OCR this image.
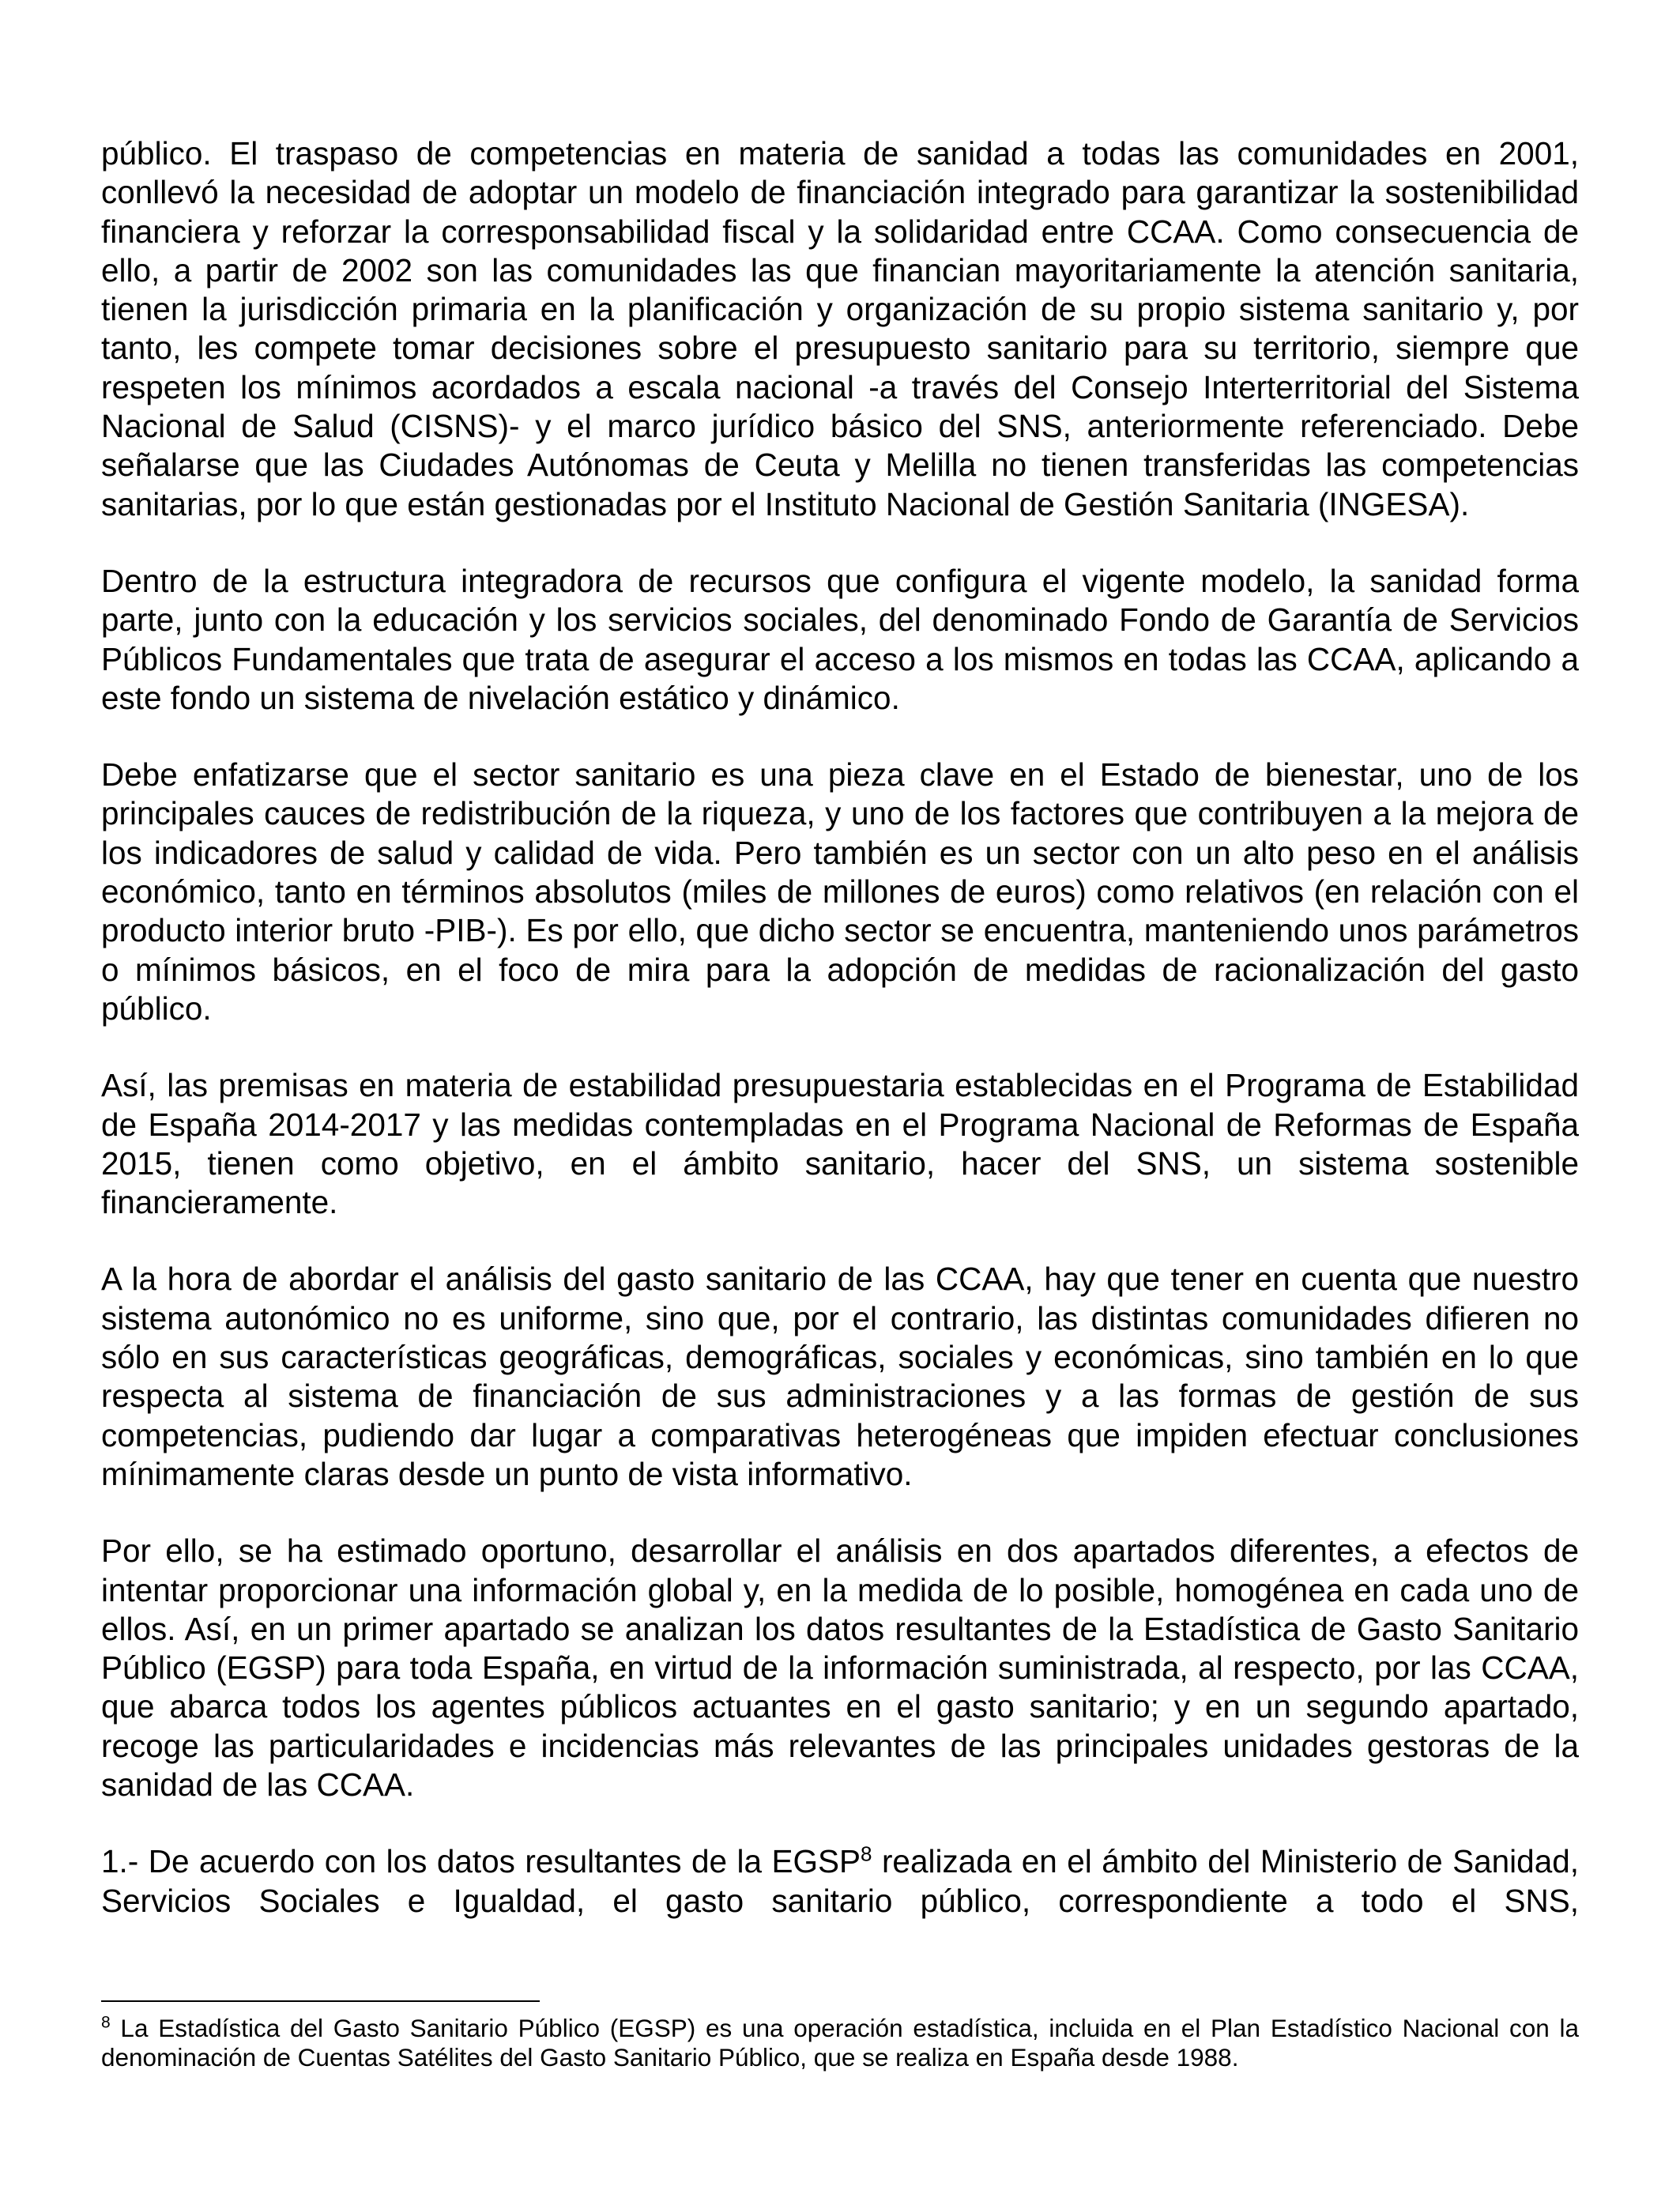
público. El traspaso de competencias en materia de sanidad a todas las comunidades en 2001, conllevó la necesidad de adoptar un modelo de financiación integrado para garantizar la sostenibilidad financiera y reforzar la corresponsabilidad fiscal y la solidaridad entre CCAA. Como consecuencia de ello, a partir de 2002 son las comunidades las que financian mayoritariamente la atención sanitaria, tienen la jurisdicción primaria en la planificación y organización de su propio sistema sanitario y, por tanto, les compete tomar decisiones sobre el presupuesto sanitario para su territorio, siempre que respeten los mínimos acordados a escala nacional -a través del Consejo Interterritorial del Sistema Nacional de Salud (CISNS)- y el marco jurídico básico del SNS, anteriormente referenciado. Debe señalarse que las Ciudades Autónomas de Ceuta y Melilla no tienen transferidas las competencias sanitarias, por lo que están gestionadas por el Instituto Nacional de Gestión Sanitaria (INGESA).

Dentro de la estructura integradora de recursos que configura el vigente modelo, la sanidad forma parte, junto con la educación y los servicios sociales, del denominado Fondo de Garantía de Servicios Públicos Fundamentales que trata de asegurar el acceso a los mismos en todas las CCAA, aplicando a este fondo un sistema de nivelación estático y dinámico.

Debe enfatizarse que el sector sanitario es una pieza clave en el Estado de bienestar, uno de los principales cauces de redistribución de la riqueza, y uno de los factores que contribuyen a la mejora de los indicadores de salud y calidad de vida. Pero también es un sector con un alto peso en el análisis económico, tanto en términos absolutos (miles de millones de euros) como relativos (en relación con el producto interior bruto -PIB-). Es por ello, que dicho sector se encuentra, manteniendo unos parámetros o mínimos básicos, en el foco de mira para la adopción de medidas de racionalización del gasto público.

Así, las premisas en materia de estabilidad presupuestaria establecidas en el Programa de Estabilidad de España 2014-2017 y las medidas contempladas en el Programa Nacional de Reformas de España 2015, tienen como objetivo, en el ámbito sanitario, hacer del SNS, un sistema sostenible financieramente.

A la hora de abordar el análisis del gasto sanitario de las CCAA, hay que tener en cuenta que nuestro sistema autonómico no es uniforme, sino que, por el contrario, las distintas comunidades difieren no sólo en sus características geográficas, demográficas, sociales y económicas, sino también en lo que respecta al sistema de financiación de sus administraciones y a las formas de gestión de sus competencias, pudiendo dar lugar a comparativas heterogéneas que impiden efectuar conclusiones mínimamente claras desde un punto de vista informativo.

Por ello, se ha estimado oportuno, desarrollar el análisis en dos apartados diferentes, a efectos de intentar proporcionar una información global y, en la medida de lo posible, homogénea en cada uno de ellos. Así, en un primer apartado se analizan los datos resultantes de la Estadística de Gasto Sanitario Público (EGSP) para toda España, en virtud de la información suministrada, al respecto, por las CCAA, que abarca todos los agentes públicos actuantes en el gasto sanitario; y en un segundo apartado, recoge las particularidades e incidencias más relevantes de las principales unidades gestoras de la sanidad de las CCAA.

1.- De acuerdo con los datos resultantes de la EGSP$^8$ realizada en el ámbito del Ministerio de Sanidad, Servicios Sociales e Igualdad, el gasto sanitario público, correspondiente a todo el SNS,

$^8$ La Estadística del Gasto Sanitario Público (EGSP) es una operación estadística, incluida en el Plan Estadístico Nacional con la denominación de Cuentas Satélites del Gasto Sanitario Público, que se realiza en España desde 1988.
